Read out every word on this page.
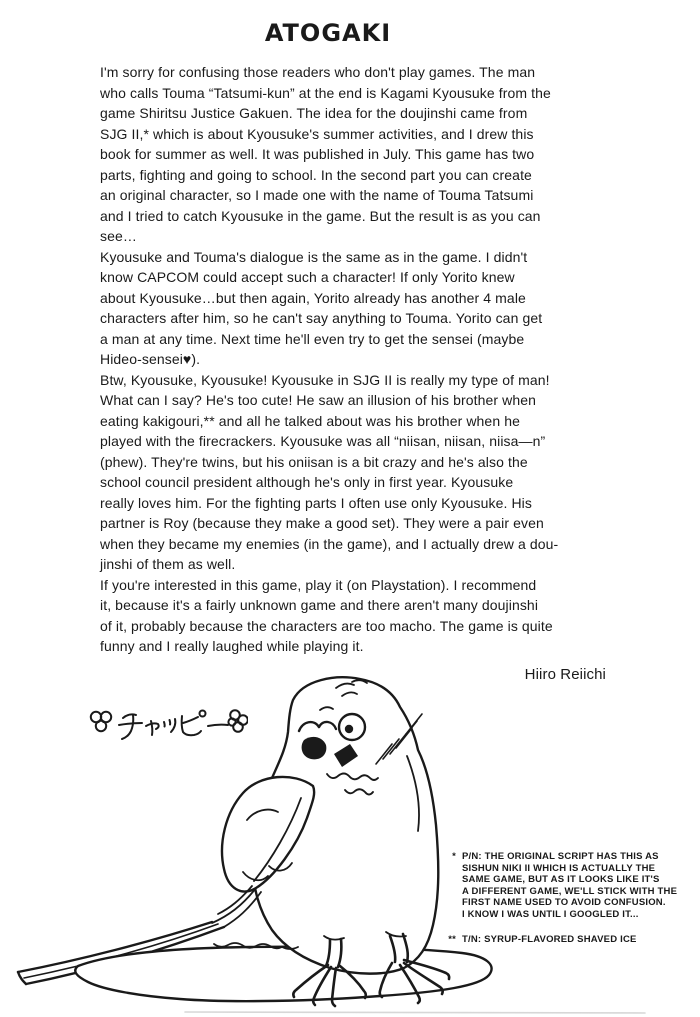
ATOGAKI
I'm sorry for confusing those readers who don't play games. The man
who calls Touma “Tatsumi-kun” at the end is Kagami Kyousuke from the
game Shiritsu Justice Gakuen. The idea for the doujinshi came from
SJG II,* which is about Kyousuke's summer activities, and I drew this
book for summer as well. It was published in July. This game has two
parts, fighting and going to school. In the second part you can create
an original character, so I made one with the name of Touma Tatsumi
and I tried to catch Kyousuke in the game. But the result is as you can
see…
Kyousuke and Touma's dialogue is the same as in the game. I didn't
know CAPCOM could accept such a character! If only Yorito knew
about Kyousuke…but then again, Yorito already has another 4 male
characters after him, so he can't say anything to Touma. Yorito can get
a man at any time. Next time he'll even try to get the sensei (maybe
Hideo-sensei♥).
Btw, Kyousuke, Kyousuke! Kyousuke in SJG II is really my type of man!
What can I say? He's too cute! He saw an illusion of his brother when
eating kakigouri,** and all he talked about was his brother when he
played with the firecrackers. Kyousuke was all “niisan, niisan, niisa—n”
(phew). They're twins, but his oniisan is a bit crazy and he's also the
school council president although he's only in first year. Kyousuke
really loves him. For the fighting parts I often use only Kyousuke. His
partner is Roy (because they make a good set). They were a pair even
when they became my enemies (in the game), and I actually drew a dou-
jinshi of them as well.
If you're interested in this game, play it (on Playstation). I recommend
it, because it's a fairly unknown game and there aren't many doujinshi
of it, probably because the characters are too macho. The game is quite
funny and I really laughed while playing it.
Hiiro Reiichi
* P/N: THE ORIGINAL SCRIPT HAS THIS AS
SISHUN NIKI II WHICH IS ACTUALLY THE
SAME GAME, BUT AS IT LOOKS LIKE IT'S
A DIFFERENT GAME, WE'LL STICK WITH THE
FIRST NAME USED TO AVOID CONFUSION.
I KNOW I WAS UNTIL I GOOGLED IT...
** T/N: SYRUP-FLAVORED SHAVED ICE
